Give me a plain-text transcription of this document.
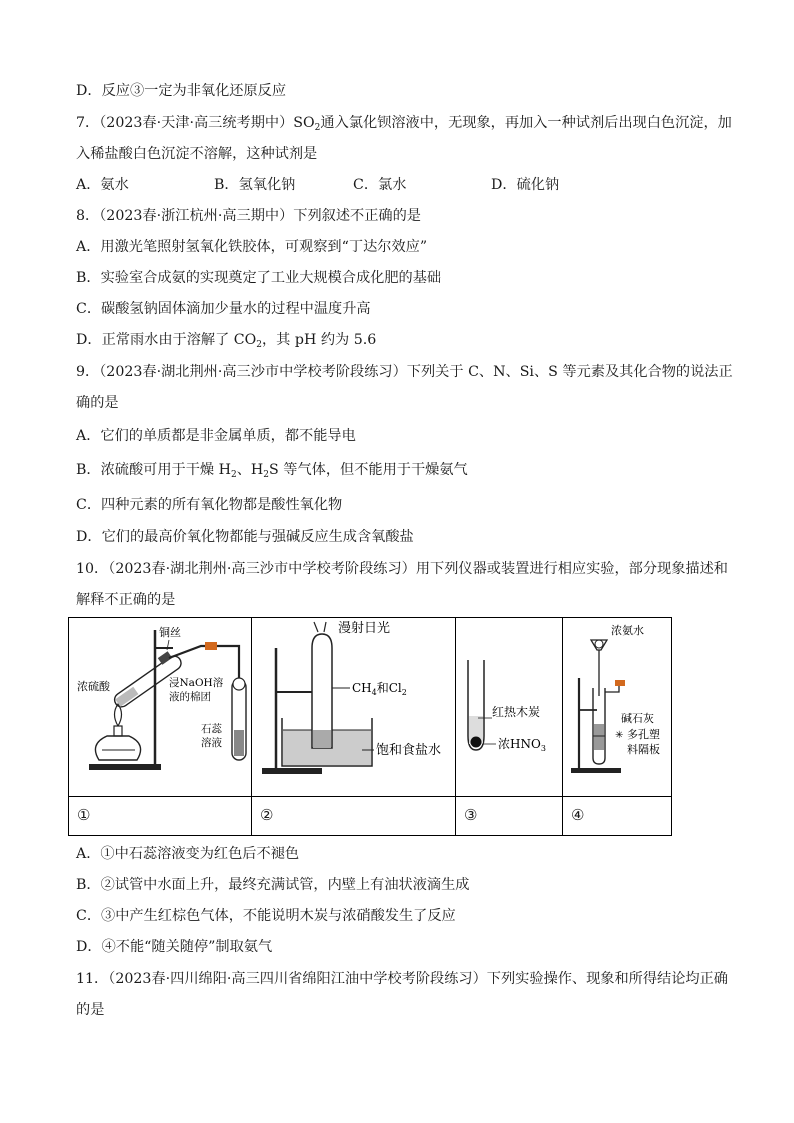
D．反应③一定为非氧化还原反应
7．（2023春·天津·高三统考期中）$SO_2$通入氯化钡溶液中，无现象，再加入一种试剂后出现白色沉淀，加
入稀盐酸白色沉淀不溶解，这种试剂是
A．氨水	B．氢氧化钠	C．氯水	D．硫化钠
8．（2023春·浙江杭州·高三期中）下列叙述不正确的是
A．用激光笔照射氢氧化铁胶体，可观察到“丁达尔效应”
B．实验室合成氨的实现奠定了工业大规模合成化肥的基础
C．碳酸氢钠固体滴加少量水的过程中温度升高
D．正常雨水由于溶解了 $CO_2$，其 pH 约为 5.6
9．（2023春·湖北荆州·高三沙市中学校考阶段练习）下列关于 C、N、Si、S 等元素及其化合物的说法正
确的是
A．它们的单质都是非金属单质，都不能导电
B．浓硫酸可用于干燥 $H_2$、$H_2S$ 等气体，但不能用于干燥氨气
C．四种元素的所有氧化物都是酸性氧化物
D．它们的最高价氧化物都能与强碱反应生成含氧酸盐
10．（2023春·湖北荆州·高三沙市中学校考阶段练习）用下列仪器或装置进行相应实验，部分现象描述和
解释不正确的是
铜丝
浓硫酸	浸NaOH溶
液的棉团
石蕊
溶液
①
漫射日光
$CH_4$和$Cl_2$
饱和食盐水
②
红热木炭
浓$HNO_3$
③
浓氨水
碱石灰
✳ 多孔塑
料隔板
④
A．①中石蕊溶液变为红色后不褪色
B．②试管中水面上升，最终充满试管，内壁上有油状液滴生成
C．③中产生红棕色气体，不能说明木炭与浓硝酸发生了反应
D．④不能“随关随停”制取氨气
11．（2023春·四川绵阳·高三四川省绵阳江油中学校考阶段练习）下列实验操作、现象和所得结论均正确
的是
